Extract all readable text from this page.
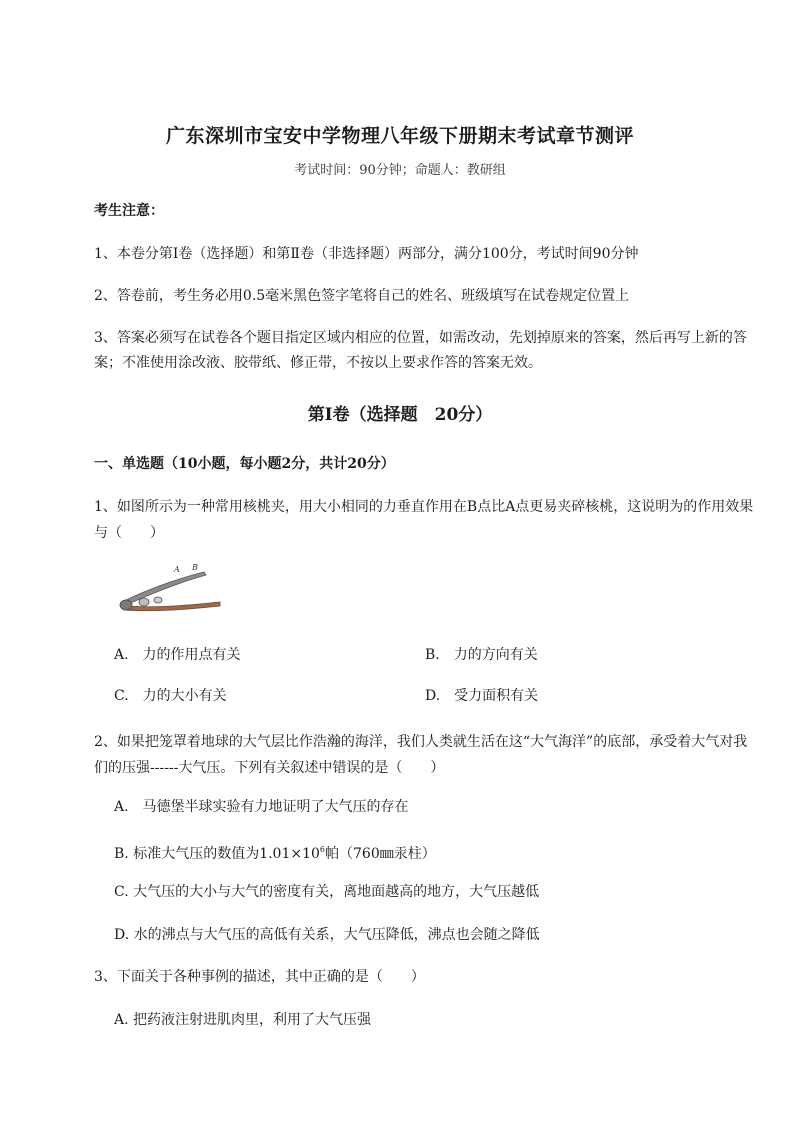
广东深圳市宝安中学物理八年级下册期末考试章节测评
考试时间：90分钟；命题人：教研组
考生注意：
1、本卷分第I卷（选择题）和第Ⅱ卷（非选择题）两部分，满分100分，考试时间90分钟
2、答卷前，考生务必用0.5毫米黑色签字笔将自己的姓名、班级填写在试卷规定位置上
3、答案必须写在试卷各个题目指定区域内相应的位置，如需改动，先划掉原来的答案，然后再写上新的答案；不准使用涂改液、胶带纸、修正带，不按以上要求作答的答案无效。
第I卷（选择题　20分）
一、单选题（10小题，每小题2分，共计20分）
1、如图所示为一种常用核桃夹，用大小相同的力垂直作用在B点比A点更易夹碎核桃，这说明为的作用效果与（　　）
A B
A.　力的作用点有关	B.　力的方向有关
C.　力的大小有关	D.　受力面积有关
2、如果把笼罩着地球的大气层比作浩瀚的海洋，我们人类就生活在这“大气海洋”的底部，承受着大气对我们的压强------大气压。下列有关叙述中错误的是（　　）
A.　马德堡半球实验有力地证明了大气压的存在
B. 标准大气压的数值为$1.01\times 10^6$帕（760㎜汞柱）
C. 大气压的大小与大气的密度有关，离地面越高的地方，大气压越低
D. 水的沸点与大气压的高低有关系，大气压降低，沸点也会随之降低
3、下面关于各种事例的描述，其中正确的是（　　）
A. 把药液注射进肌肉里，利用了大气压强
